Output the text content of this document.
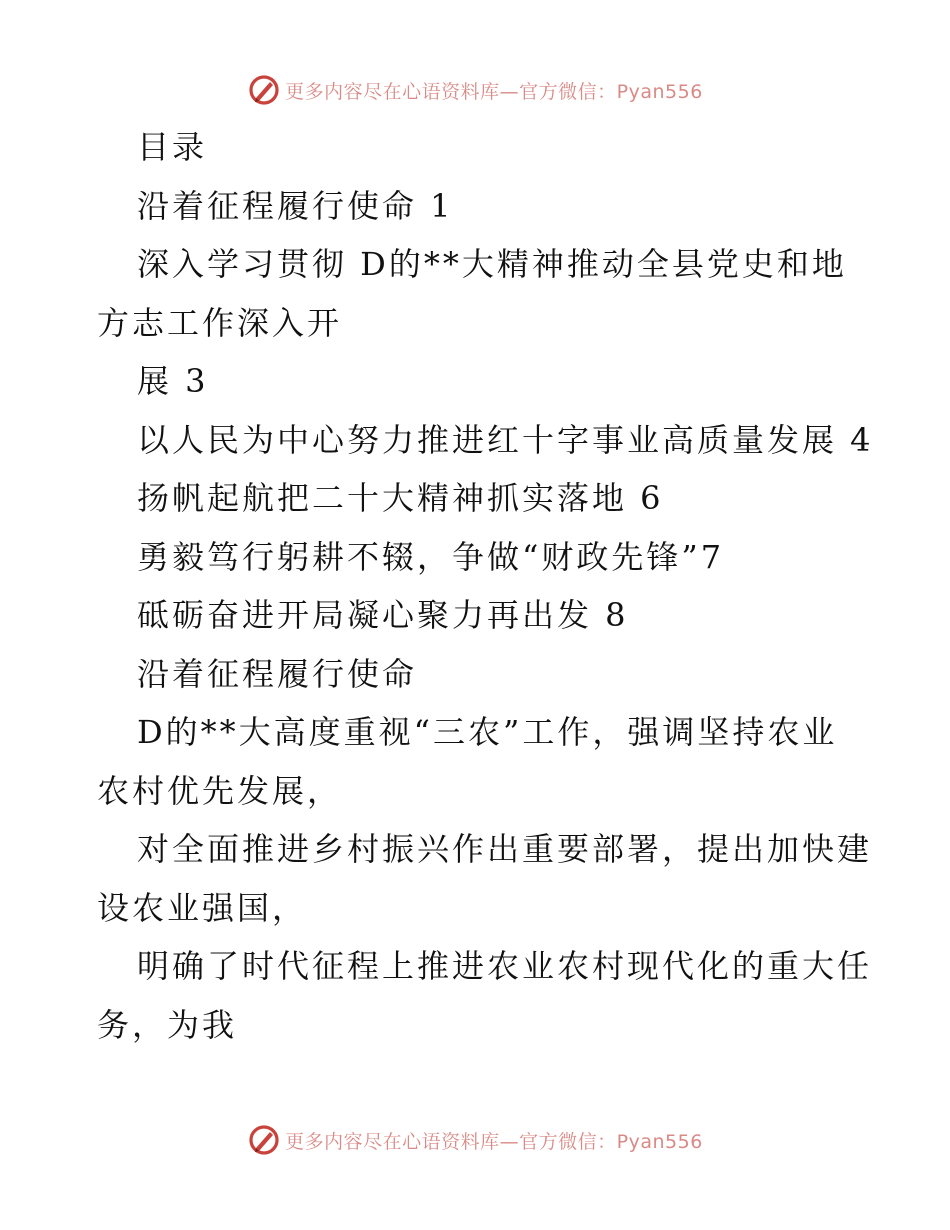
更多内容尽在心语资料库—官方微信：Pyan556
目录
沿着征程履行使命 1
深入学习贯彻 D的**大精神推动全县党史和地
方志工作深入开
展 3
以人民为中心努力推进红十字事业高质量发展 4
扬帆起航把二十大精神抓实落地 6
勇毅笃行躬耕不辍，争做“财政先锋”7
砥砺奋进开局凝心聚力再出发 8
沿着征程履行使命
D的**大高度重视“三农”工作，强调坚持农业
农村优先发展，
对全面推进乡村振兴作出重要部署，提出加快建
设农业强国，
明确了时代征程上推进农业农村现代化的重大任
务，为我
更多内容尽在心语资料库—官方微信：Pyan556
